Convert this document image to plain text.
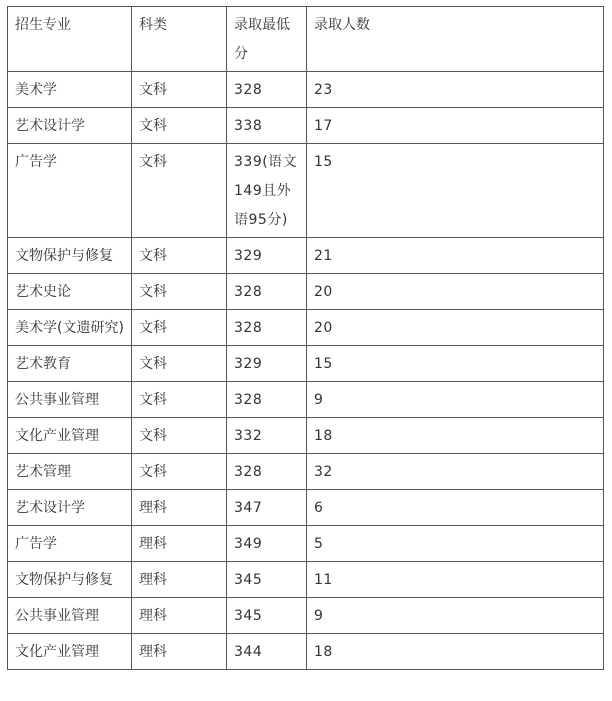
招生专业	科类	录取最低分	录取人数
美术学	文科	328	23
艺术设计学	文科	338	17
广告学	文科	339(语文149且外语95分)	15
文物保护与修复	文科	329	21
艺术史论	文科	328	20
美术学(文遗研究)	文科	328	20
艺术教育	文科	329	15
公共事业管理	文科	328	9
文化产业管理	文科	332	18
艺术管理	文科	328	32
艺术设计学	理科	347	6
广告学	理科	349	5
文物保护与修复	理科	345	11
公共事业管理	理科	345	9
文化产业管理	理科	344	18
